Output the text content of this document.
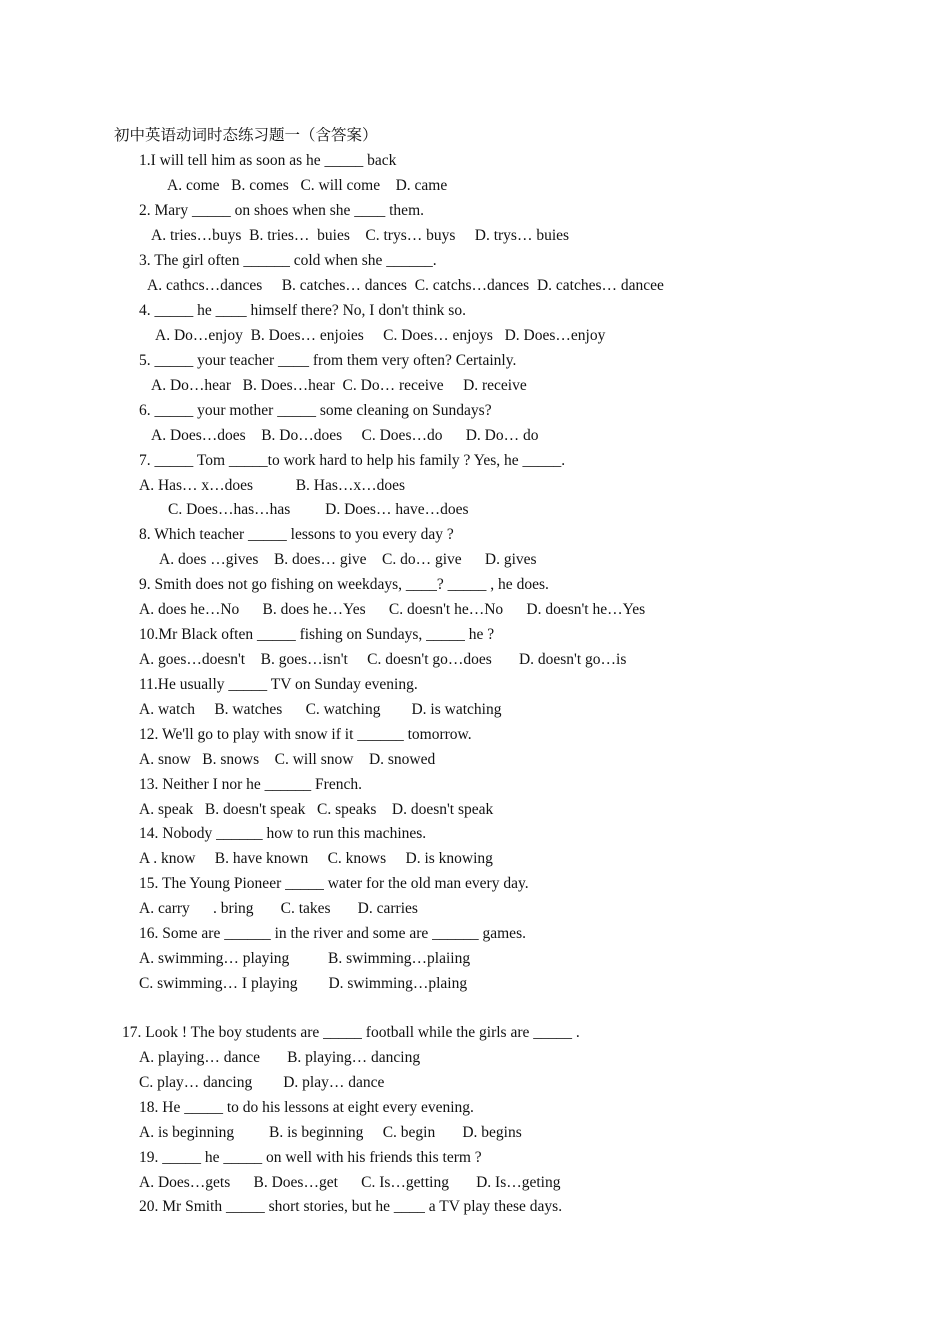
初中英语动词时态练习题一（含答案）

1.I will tell him as soon as he _____ back

A. come   B. comes   C. will come    D. came

2. Mary _____ on shoes when she ____ them.

A. tries…buys  B. tries…  buies    C. trys… buys     D. trys… buies

3. The girl often ______ cold when she ______.

A. cathcs…dances     B. catches… dances  C. catchs…dances  D. catches… dancee

4. _____ he ____ himself there? No, I don't think so.

A. Do…enjoy  B. Does… enjoies     C. Does… enjoys   D. Does…enjoy

5. _____ your teacher ____ from them very often? Certainly.

A. Do…hear   B. Does…hear  C. Do… receive     D. receive

6. _____ your mother _____ some cleaning on Sundays?

A. Does…does    B. Do…does     C. Does…do      D. Do… do

7. _____ Tom _____to work hard to help his family ? Yes, he _____.

A. Has… x…does           B. Has…x…does

C. Does…has…has         D. Does… have…does

8. Which teacher _____ lessons to you every day ?

A. does …gives    B. does… give    C. do… give      D. gives

9. Smith does not go fishing on weekdays, ____? _____ , he does.

A. does he…No      B. does he…Yes      C. doesn't he…No      D. doesn't he…Yes

10.Mr Black often _____ fishing on Sundays, _____ he ?

A. goes…doesn't    B. goes…isn't     C. doesn't go…does       D. doesn't go…is

11.He usually _____ TV on Sunday evening.

A. watch     B. watches      C. watching        D. is watching

12. We'll go to play with snow if it ______ tomorrow.

A. snow   B. snows    C. will snow    D. snowed

13. Neither I nor he ______ French.

A. speak   B. doesn't speak   C. speaks    D. doesn't speak

14. Nobody ______ how to run this machines.

A . know     B. have known     C. knows     D. is knowing

15. The Young Pioneer _____ water for the old man every day.

A. carry      . bring       C. takes       D. carries

16. Some are ______ in the river and some are ______ games.

A. swimming… playing          B. swimming…plaiing

C. swimming… I playing        D. swimming…plaing

17. Look ! The boy students are _____ football while the girls are _____ .

A. playing… dance       B. playing… dancing

C. play… dancing        D. play… dance

18. He _____ to do his lessons at eight every evening.

A. is beginning         B. is beginning     C. begin       D. begins

19. _____ he _____ on well with his friends this term ?

A. Does…gets      B. Does…get      C. Is…getting       D. Is…geting

20. Mr Smith _____ short stories, but he ____ a TV play these days.
